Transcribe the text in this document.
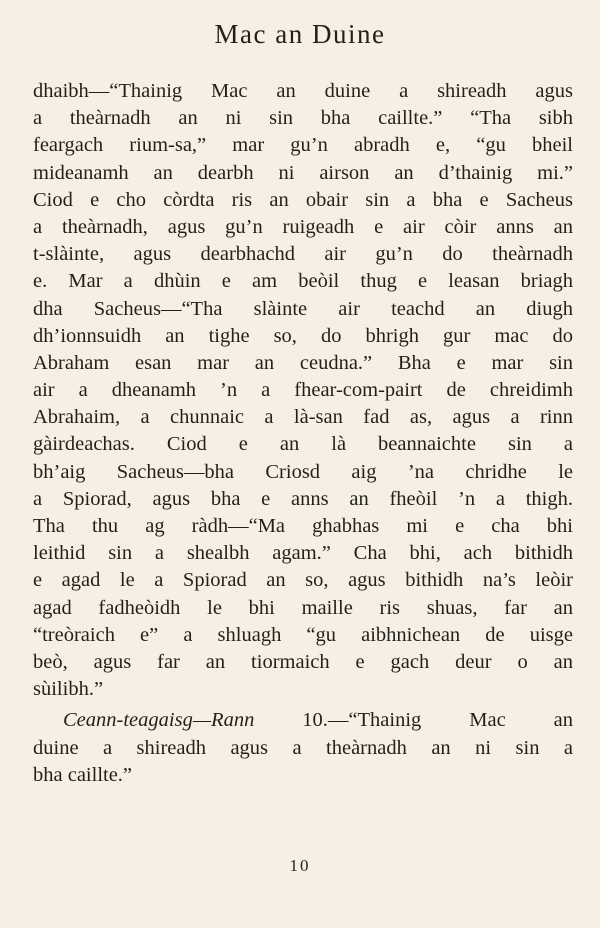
Mac an Duine
dhaibh—“Thainig Mac an duine a shireadh agus
a theàrnadh an ni sin bha caillte.” “Tha sibh
feargach rium-sa,” mar gu’n abradh e, “gu bheil
mideanamh an dearbh ni airson an d’thainig mi.”
Ciod e cho còrdta ris an obair sin a bha e Sacheus
a theàrnadh, agus gu’n ruigeadh e air còir anns an
t-slàinte, agus dearbhachd air gu’n do theàrnadh
e. Mar a dhùin e am beòil thug e leasan briagh
dha Sacheus—“Tha slàinte air teachd an diugh
dh’ionnsuidh an tighe so, do bhrigh gur mac do
Abraham esan mar an ceudna.” Bha e mar sin
air a dheanamh ’n a fhear-com-pairt de chreidimh
Abrahaim, a chunnaic a là-san fad as, agus a rinn
gàirdeachas. Ciod e an là beannaichte sin a
bh’aig Sacheus—bha Criosd aig ’na chridhe le
a Spiorad, agus bha e anns an fheòil ’n a thigh.
Tha thu ag ràdh—“Ma ghabhas mi e cha bhi
leithid sin a shealbh agam.” Cha bhi, ach bithidh
e agad le a Spiorad an so, agus bithidh na’s leòir
agad fadheòidh le bhi maille ris shuas, far an
“treòraich e” a shluagh “gu aibhnichean de uisge
beò, agus far an tiormaich e gach deur o an
sùilibh.”
Ceann-teagaisg—Rann 10.—“Thainig Mac an
duine a shireadh agus a theàrnadh an ni sin a
bha caillte.”
10
